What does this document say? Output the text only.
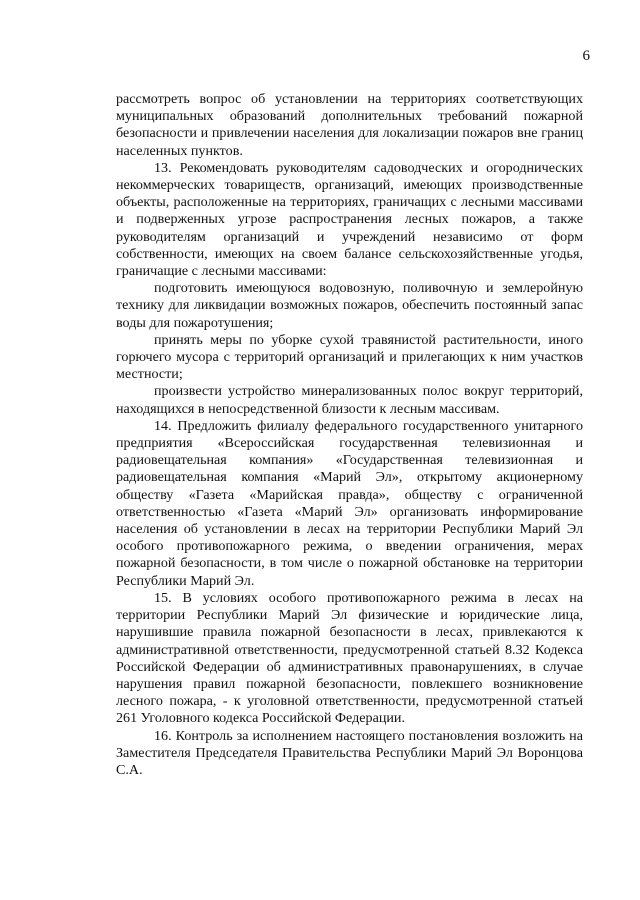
6

рассмотреть вопрос об установлении на территориях соответствующих муниципальных образований дополнительных требований пожарной безопасности и привлечении населения для локализации пожаров вне границ населенных пунктов.

13. Рекомендовать руководителям садоводческих и огороднических некоммерческих товариществ, организаций, имеющих производственные объекты, расположенные на территориях, граничащих с лесными массивами и подверженных угрозе распространения лесных пожаров, а также руководителям организаций и учреждений независимо от форм собственности, имеющих на своем балансе сельскохозяйственные угодья, граничащие с лесными массивами:

подготовить имеющуюся водовозную, поливочную и землеройную технику для ликвидации возможных пожаров, обеспечить постоянный запас воды для пожаротушения;

принять меры по уборке сухой травянистой растительности, иного горючего мусора с территорий организаций и прилегающих к ним участков местности;

произвести устройство минерализованных полос вокруг территорий, находящихся в непосредственной близости к лесным массивам.

14. Предложить филиалу федерального государственного унитарного предприятия «Всероссийская государственная телевизионная и радиовещательная компания» «Государственная телевизионная и радиовещательная компания «Марий Эл», открытому акционерному обществу «Газета «Марийская правда», обществу с ограниченной ответственностью «Газета «Марий Эл» организовать информирование населения об установлении в лесах на территории Республики Марий Эл особого противопожарного режима, о введении ограничения, мерах пожарной безопасности, в том числе о пожарной обстановке на территории Республики Марий Эл.

15. В условиях особого противопожарного режима в лесах на территории Республики Марий Эл физические и юридические лица, нарушившие правила пожарной безопасности в лесах, привлекаются к административной ответственности, предусмотренной статьей 8.32 Кодекса Российской Федерации об административных правонарушениях, в случае нарушения правил пожарной безопасности, повлекшего возникновение лесного пожара, - к уголовной ответственности, предусмотренной статьей 261 Уголовного кодекса Российской Федерации.

16. Контроль за исполнением настоящего постановления возложить на Заместителя Председателя Правительства Республики Марий Эл Воронцова С.А.
